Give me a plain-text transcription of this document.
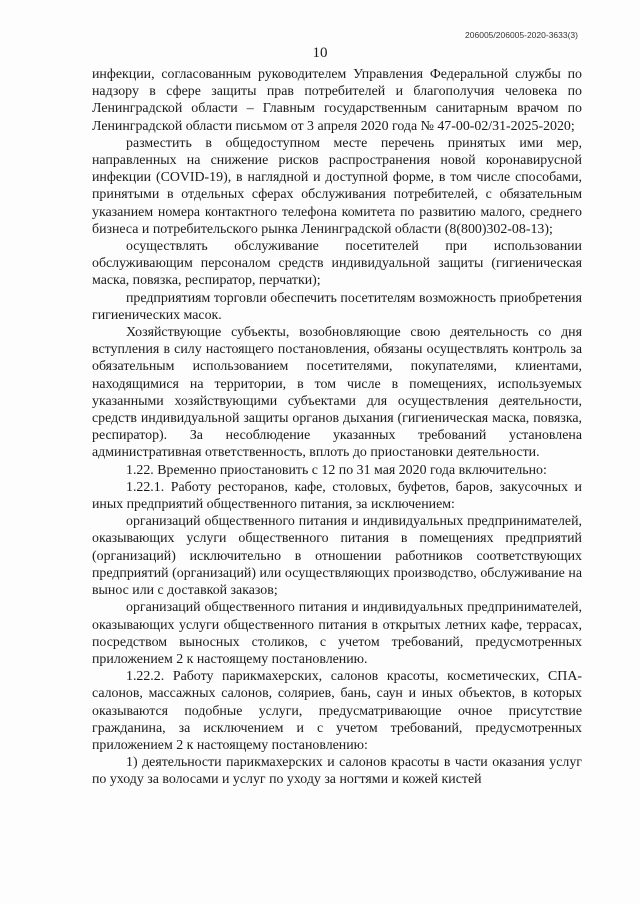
206005/206005-2020-3633(3)
10

инфекции, согласованным руководителем Управления Федеральной службы по надзору в сфере защиты прав потребителей и благополучия человека по Ленинградской области – Главным государственным санитарным врачом по Ленинградской области письмом от 3 апреля 2020 года № 47-00-02/31-2025-2020;

разместить в общедоступном месте перечень принятых ими мер, направленных на снижение рисков распространения новой коронавирусной инфекции (COVID-19), в наглядной и доступной форме, в том числе способами, принятыми в отдельных сферах обслуживания потребителей, с обязательным указанием номера контактного телефона комитета по развитию малого, среднего бизнеса и потребительского рынка Ленинградской области (8(800)302-08-13);

осуществлять обслуживание посетителей при использовании обслуживающим персоналом средств индивидуальной защиты (гигиеническая маска, повязка, респиратор, перчатки);

предприятиям торговли обеспечить посетителям возможность приобретения гигиенических масок.

Хозяйствующие субъекты, возобновляющие свою деятельность со дня вступления в силу настоящего постановления, обязаны осуществлять контроль за обязательным использованием посетителями, покупателями, клиентами, находящимися на территории, в том числе в помещениях, используемых указанными хозяйствующими субъектами для осуществления деятельности, средств индивидуальной защиты органов дыхания (гигиеническая маска, повязка, респиратор). За несоблюдение указанных требований установлена административная ответственность, вплоть до приостановки деятельности.

1.22. Временно приостановить с 12 по 31 мая 2020 года включительно:

1.22.1. Работу ресторанов, кафе, столовых, буфетов, баров, закусочных и иных предприятий общественного питания, за исключением:

организаций общественного питания и индивидуальных предпринимателей, оказывающих услуги общественного питания в помещениях предприятий (организаций) исключительно в отношении работников соответствующих предприятий (организаций) или осуществляющих производство, обслуживание на вынос или с доставкой заказов;

организаций общественного питания и индивидуальных предпринимателей, оказывающих услуги общественного питания в открытых летних кафе, террасах, посредством выносных столиков, с учетом требований, предусмотренных приложением 2 к настоящему постановлению.

1.22.2. Работу парикмахерских, салонов красоты, косметических, СПА-салонов, массажных салонов, соляриев, бань, саун и иных объектов, в которых оказываются подобные услуги, предусматривающие очное присутствие гражданина, за исключением и с учетом требований, предусмотренных приложением 2 к настоящему постановлению:

1) деятельности парикмахерских и салонов красоты в части оказания услуг по уходу за волосами и услуг по уходу за ногтями и кожей кистей
